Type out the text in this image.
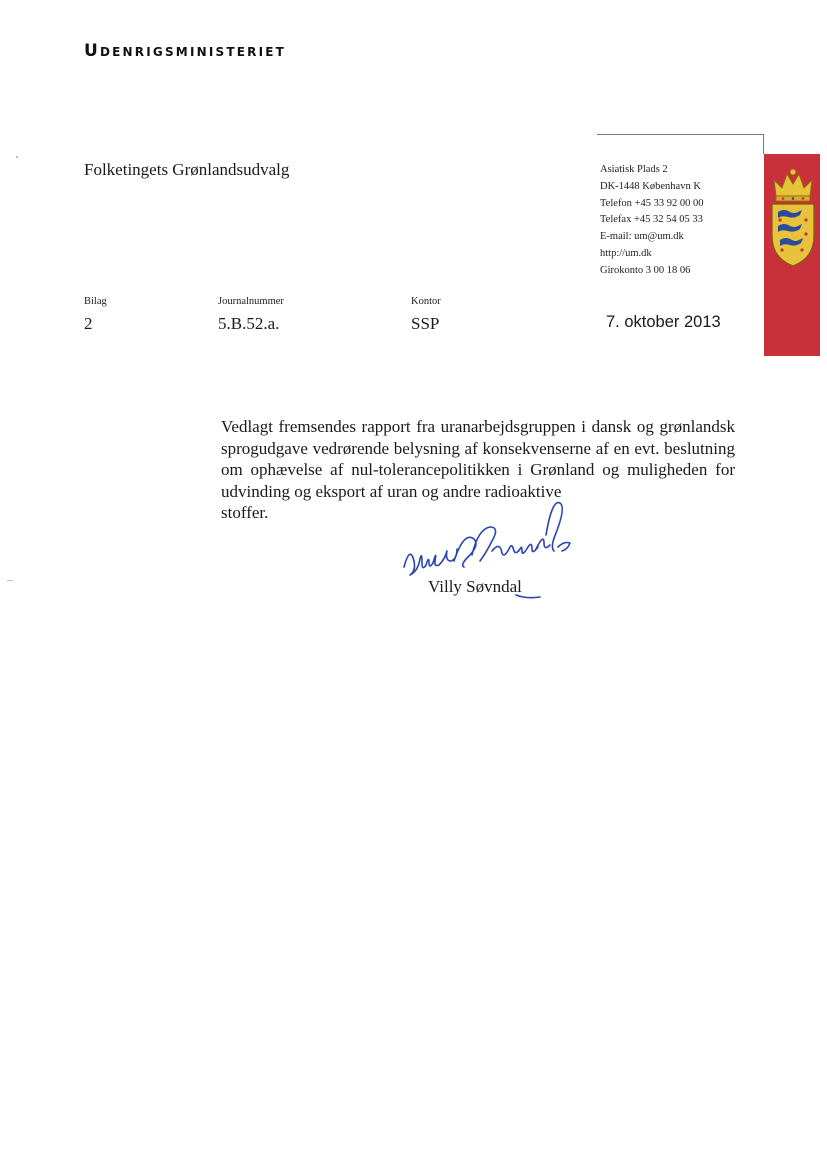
Udenrigsministeriet
Folketingets Grønlandsudvalg	Asiatisk Plads 2
DK-1448 København K
Telefon +45 33 92 00 00
Telefax +45 32 54 05 33
E-mail: um@um.dk
http://um.dk
Girokonto 3 00 18 06
Bilag
2
Journalnummer
5.B.52.a.
Kontor
SSP	7. oktober 2013
Vedlagt fremsendes rapport fra uranarbejdsgruppen i dansk og grønlandsk sprogudgave vedrørende belysning af konsekvenserne af en evt. beslutning om ophævelse af nul-tolerancepolitikken i Grønland og muligheden for udvinding og eksport af uran og andre radioaktive
stoffer.
Villy Søvndal
